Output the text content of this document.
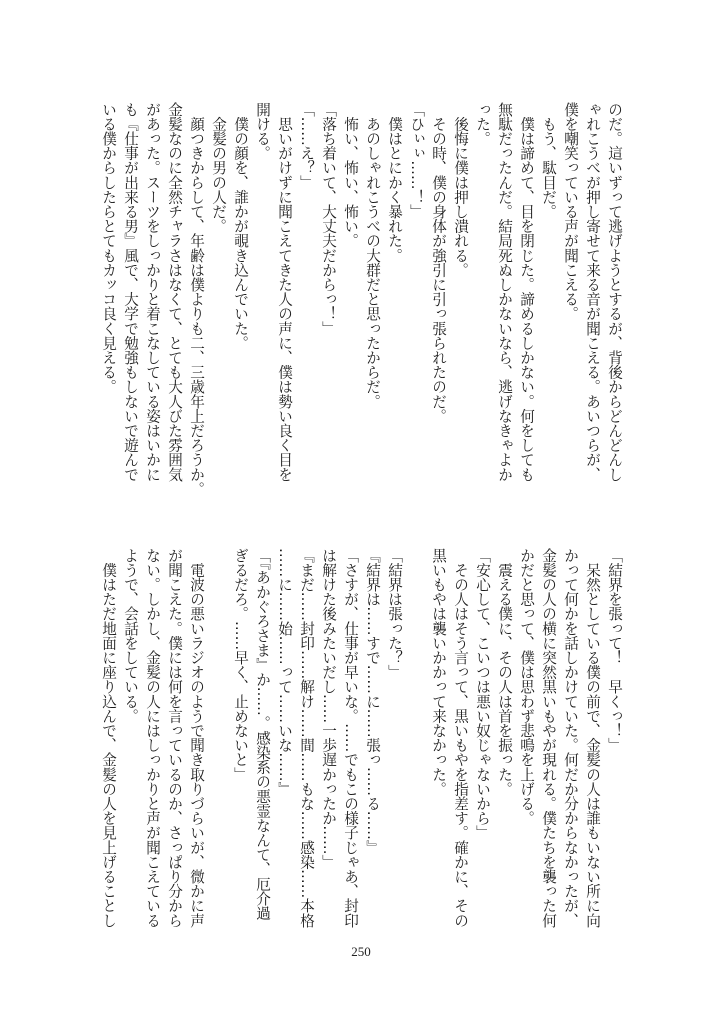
のだ。這いずって逃げようとするが、背後からどんどんし
ゃれこうべが押し寄せて来る音が聞こえる。あいつらが、
僕を嘲笑っている声が聞こえる。
　もう、駄目だ。
　僕は諦めて、目を閉じた。諦めるしかない。何をしても
無駄だったんだ。結局死ぬしかないなら、逃げなきゃよか
った。
　後悔に僕は押し潰れる。
　その時、僕の身体が強引に引っ張られたのだ。
「ひぃぃ……！」
　僕はとにかく暴れた。
　あのしゃれこうべの大群だと思ったからだ。
　怖い、怖い、怖い。
「落ち着いて、大丈夫だからっ！」
「……え？」
　思いがけずに聞こえてきた人の声に、僕は勢い良く目を
開ける。
　僕の顔を、誰かが覗き込んでいた。
　金髪の男の人だ。
　顔つきからして、年齢は僕よりも二、三歳年上だろうか。
金髪なのに全然チャラさはなくて、とても大人びた雰囲気
があった。スーツをしっかりと着こなしている姿はいかに
も『仕事が出来る男』風で、大学で勉強もしないで遊んで
いる僕からしたらとてもカッコ良く見える。
「結界を張って！　早くっ！」
　呆然としている僕の前で、金髪の人は誰もいない所に向
かって何かを話しかけていた。何だか分からなかったが、
金髪の人の横に突然黒いもやが現れる。僕たちを襲った何
かだと思って、僕は思わず悲鳴を上げる。
　震える僕に、その人は首を振った。
「安心して、こいつは悪い奴じゃないから」
　その人はそう言って、黒いもやを指差す。確かに、その
黒いもやは襲いかかって来なかった。
「結界は張った？」
『結界は……すで……に……張っ……る……』
「さすが、仕事が早いな。……でもこの様子じゃあ、封印
は解けた後みたいだし……一歩遅かったか……」
『まだ……封印……解け……間……もな……感染……本格
……に……始……って……いな……』
「『あかぐろさま』か……。感染系の悪霊なんて、厄介過
ぎるだろ。……早く、止めないと」
　電波の悪いラジオのようで聞き取りづらいが、微かに声
が聞こえた。僕には何を言っているのか、さっぱり分から
ない。しかし、金髪の人にはしっかりと声が聞こえている
ようで、会話をしている。
　僕はただ地面に座り込んで、金髪の人を見上げることし
250
